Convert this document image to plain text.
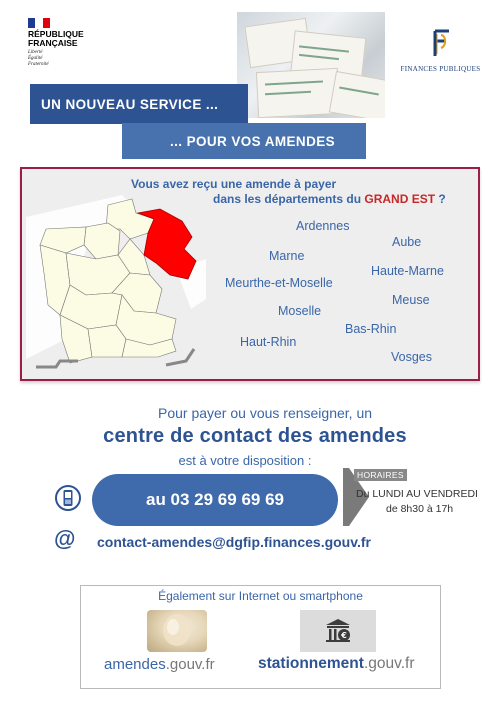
RÉPUBLIQUE
FRANÇAISE
Liberté
Égalité
Fraternité
FINANCES PUBLIQUES
UN NOUVEAU SERVICE ...
... POUR VOS AMENDES
Vous avez reçu une amende à payer
dans les départements du GRAND EST ?
Ardennes
Aube
Marne
Haute-Marne
Meurthe-et-Moselle
Meuse
Moselle
Bas-Rhin
Haut-Rhin
Vosges
Pour payer ou vous renseigner, un
centre de contact des amendes
est à votre disposition :
au 03 29 69 69 69
HORAIRES
Du LUNDI AU VENDREDI
de 8h30 à 17h
@ contact-amendes@dgfip.finances.gouv.fr
Également sur Internet ou smartphone
€
amendes.gouv.fr	stationnement.gouv.fr
